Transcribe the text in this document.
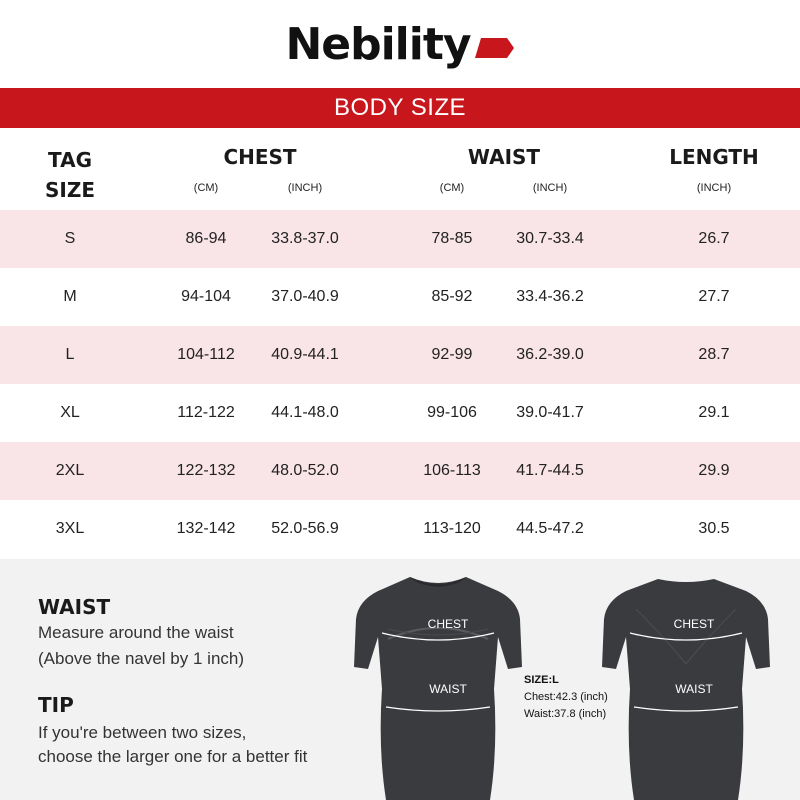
Nebility
BODY SIZE
TAG
SIZE
CHEST	WAIST	LENGTH
(CM)	(INCH)	(CM)	(INCH)	(INCH)
S	86-94	33.8-37.0	78-85	30.7-33.4	26.7
M	94-104	37.0-40.9	85-92	33.4-36.2	27.7
L	104-112	40.9-44.1	92-99	36.2-39.0	28.7
XL	112-122	44.1-48.0	99-106	39.0-41.7	29.1
2XL	122-132	48.0-52.0	106-113	41.7-44.5	29.9
3XL	132-142	52.0-56.9	113-120	44.5-47.2	30.5
WAIST
Measure around the waist
(Above the navel by 1 inch)
TIP
If you're between two sizes,
choose the larger one for a better fit
CHEST
WAIST
CHEST
WAIST
SIZE:L
Chest:42.3 (inch)
Waist:37.8 (inch)
